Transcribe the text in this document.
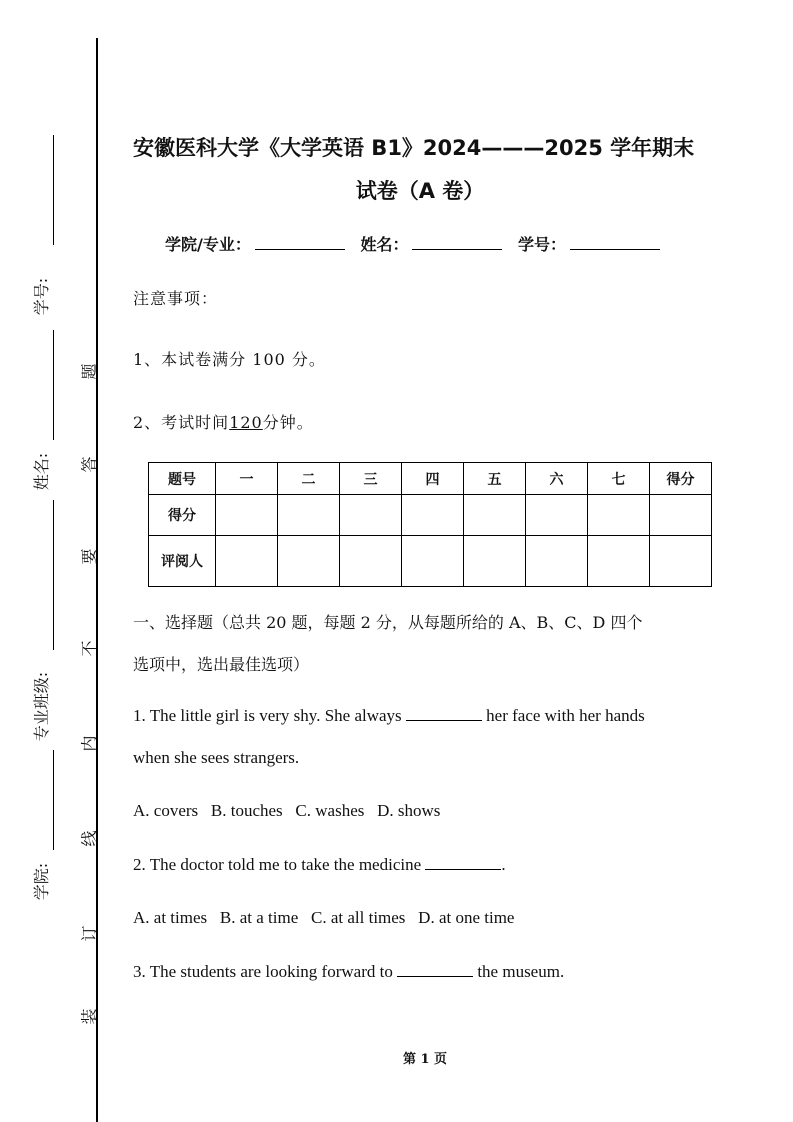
学号:
姓名:
专业班级:
学院:
题
答
要
不
内
线
订
装
安徽医科大学《大学英语 B1》2024———2025 学年期末
试卷（A 卷）
学院/专业：	姓名：	学号：
注意事项：
1、本试卷满分 100 分。
2、考试时间120分钟。
题号	一	二	三	四	五	六	七	得分
得分								
评阅人								
一、选择题（总共 20 题，每题 2 分，从每题所给的 A、B、C、D 四个
选项中，选出最佳选项）
1. The little girl is very shy. She always	her face with her hands
when she sees strangers.
A. covers   B. touches   C. washes   D. shows
2. The doctor told me to take the medicine	.
A. at times   B. at a time   C. at all times   D. at one time
3. The students are looking forward to	the museum.
第 1 页
